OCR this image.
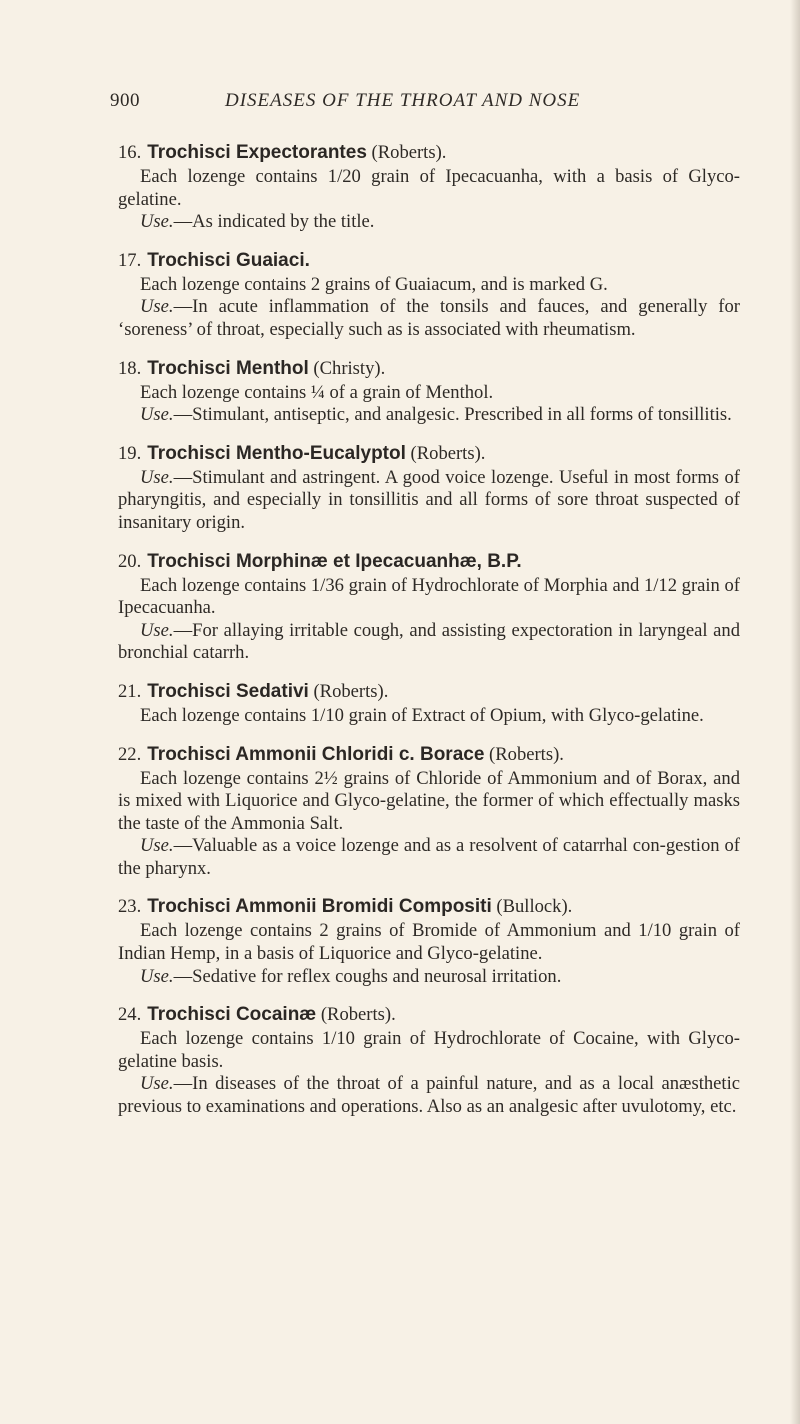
900	DISEASES OF THE THROAT AND NOSE
16. Trochisci Expectorantes (Roberts).

Each lozenge contains 1/20 grain of Ipecacuanha, with a basis of Glyco-gelatine.

Use.—As indicated by the title.

17. Trochisci Guaiaci.

Each lozenge contains 2 grains of Guaiacum, and is marked G.

Use.—In acute inflammation of the tonsils and fauces, and generally for ‘soreness’ of throat, especially such as is associated with rheumatism.

18. Trochisci Menthol (Christy).

Each lozenge contains ¼ of a grain of Menthol.

Use.—Stimulant, antiseptic, and analgesic. Prescribed in all forms of tonsillitis.

19. Trochisci Mentho-Eucalyptol (Roberts).

Use.—Stimulant and astringent. A good voice lozenge. Useful in most forms of pharyngitis, and especially in tonsillitis and all forms of sore throat suspected of insanitary origin.

20. Trochisci Morphinæ et Ipecacuanhæ, B.P.

Each lozenge contains 1/36 grain of Hydrochlorate of Morphia and 1/12 grain of Ipecacuanha.

Use.—For allaying irritable cough, and assisting expectoration in laryngeal and bronchial catarrh.

21. Trochisci Sedativi (Roberts).

Each lozenge contains 1/10 grain of Extract of Opium, with Glyco-gelatine.

22. Trochisci Ammonii Chloridi c. Borace (Roberts).

Each lozenge contains 2½ grains of Chloride of Ammonium and of Borax, and is mixed with Liquorice and Glyco-gelatine, the former of which effectually masks the taste of the Ammonia Salt.

Use.—Valuable as a voice lozenge and as a resolvent of catarrhal con-gestion of the pharynx.

23. Trochisci Ammonii Bromidi Compositi (Bullock).

Each lozenge contains 2 grains of Bromide of Ammonium and 1/10 grain of Indian Hemp, in a basis of Liquorice and Glyco-gelatine.

Use.—Sedative for reflex coughs and neurosal irritation.

24. Trochisci Cocainæ (Roberts).

Each lozenge contains 1/10 grain of Hydrochlorate of Cocaine, with Glyco-gelatine basis.

Use.—In diseases of the throat of a painful nature, and as a local anæsthetic previous to examinations and operations. Also as an analgesic after uvulotomy, etc.
